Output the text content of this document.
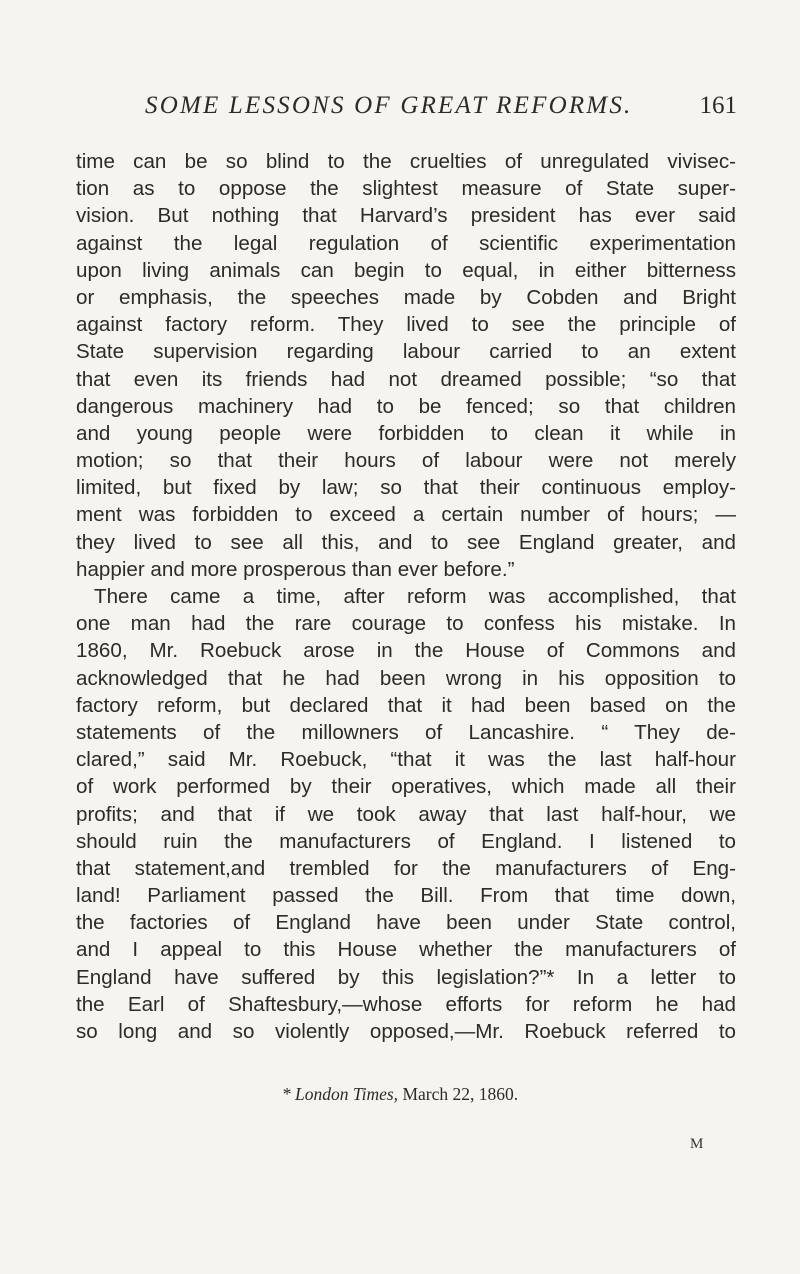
SOME LESSONS OF GREAT REFORMS.	161
time can be so blind to the cruelties of unregulated vivisec-
tion as to oppose the slightest measure of State super-
vision. But nothing that Harvard’s president has ever said
against the legal regulation of scientific experimentation
upon living animals can begin to equal, in either bitterness
or emphasis, the speeches made by Cobden and Bright
against factory reform. They lived to see the principle of
State supervision regarding labour carried to an extent
that even its friends had not dreamed possible; “so that
dangerous machinery had to be fenced; so that children
and young people were forbidden to clean it while in
motion; so that their hours of labour were not merely
limited, but fixed by law; so that their continuous employ-
ment was forbidden to exceed a certain number of hours; —
they lived to see all this, and to see England greater, and
happier and more prosperous than ever before.”
There came a time, after reform was accomplished, that
one man had the rare courage to confess his mistake. In
1860, Mr. Roebuck arose in the House of Commons and
acknowledged that he had been wrong in his opposition to
factory reform, but declared that it had been based on the
statements of the millowners of Lancashire. “ They de-
clared,” said Mr. Roebuck, “that it was the last half-hour
of work performed by their operatives, which made all their
profits; and that if we took away that last half-hour, we
should ruin the manufacturers of England. I listened to
that statement,and trembled for the manufacturers of Eng-
land! Parliament passed the Bill. From that time down,
the factories of England have been under State control,
and I appeal to this House whether the manufacturers of
England have suffered by this legislation?”* In a letter to
the Earl of Shaftesbury,—whose efforts for reform he had
so long and so violently opposed,—Mr. Roebuck referred to
* London Times, March 22, 1860.
M
